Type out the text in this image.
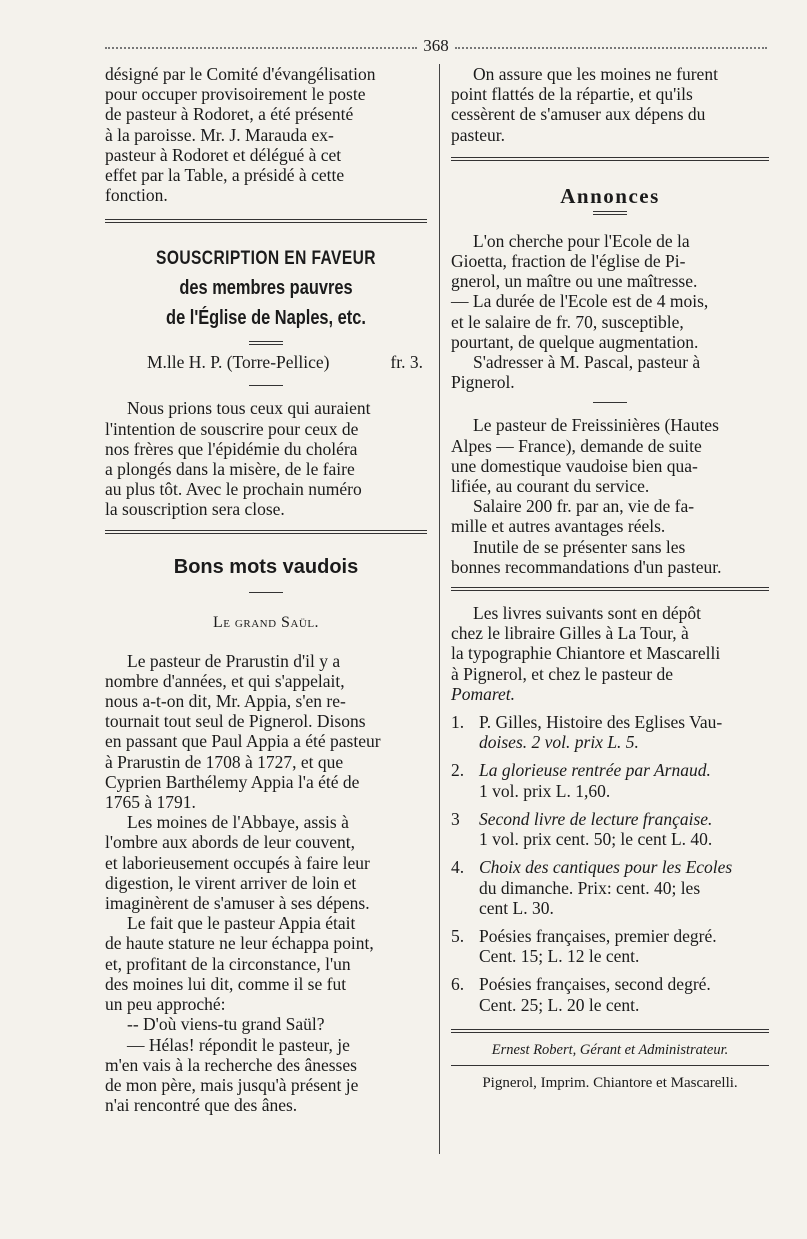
368

désigné par le Comité d'évangélisation

pour occuper provisoirement le poste

de pasteur à Rodoret, a été présenté

à la paroisse. Mr. J. Marauda ex-

pasteur à Rodoret et délégué à cet

effet par la Table, a présidé à cette

fonction.

SOUSCRIPTION EN FAVEUR
des membres pauvres
de l'Église de Naples, etc.
M.lle H. P. (Torre-Pellice)	fr. 3.

Nous prions tous ceux qui auraient

l'intention de souscrire pour ceux de

nos frères que l'épidémie du choléra

a plongés dans la misère, de le faire

au plus tôt. Avec le prochain numéro

la souscription sera close.

Bons mots vaudois
Le grand Saül.

Le pasteur de Prarustin d'il y a

nombre d'années, et qui s'appelait,

nous a-t-on dit, Mr. Appia, s'en re-

tournait tout seul de Pignerol. Disons

en passant que Paul Appia a été pasteur

à Prarustin de 1708 à 1727, et que

Cyprien Barthélemy Appia l'a été de

1765 à 1791.

Les moines de l'Abbaye, assis à

l'ombre aux abords de leur couvent,

et laborieusement occupés à faire leur

digestion, le virent arriver de loin et

imaginèrent de s'amuser à ses dépens.

Le fait que le pasteur Appia était

de haute stature ne leur échappa point,

et, profitant de la circonstance, l'un

des moines lui dit, comme il se fut

un peu approché:

-- D'où viens-tu grand Saül?

— Hélas! répondit le pasteur, je

m'en vais à la recherche des ânesses

de mon père, mais jusqu'à présent je

n'ai rencontré que des ânes.

On assure que les moines ne furent

point flattés de la répartie, et qu'ils

cessèrent de s'amuser aux dépens du

pasteur.

Annonces

L'on cherche pour l'Ecole de la

Gioetta, fraction de l'église de Pi-

gnerol, un maître ou une maîtresse.

— La durée de l'Ecole est de 4 mois,

et le salaire de fr. 70, susceptible,

pourtant, de quelque augmentation.

S'adresser à M. Pascal, pasteur à

Pignerol.

Le pasteur de Freissinières (Hautes

Alpes — France), demande de suite

une domestique vaudoise bien qua-

lifiée, au courant du service.

Salaire 200 fr. par an, vie de fa-

mille et autres avantages réels.

Inutile de se présenter sans les

bonnes recommandations d'un pasteur.

Les livres suivants sont en dépôt

chez le libraire Gilles à La Tour, à

la typographie Chiantore et Mascarelli

à Pignerol, et chez le pasteur de

Pomaret.

1. P. Gilles, Histoire des Eglises Vau-

doises. 2 vol. prix L. 5.

2. La glorieuse rentrée par Arnaud.

1 vol. prix L. 1,60.

3	Second livre de lecture française.

1 vol. prix cent. 50; le cent L. 40.

4. Choix des cantiques pour les Ecoles

du dimanche. Prix: cent. 40; les

cent L. 30.

5. Poésies françaises, premier degré.

Cent. 15; L. 12 le cent.

6. Poésies françaises, second degré.

Cent. 25; L. 20 le cent.

Ernest Robert, Gérant et Administrateur.
Pignerol, Imprim. Chiantore et Mascarelli.
